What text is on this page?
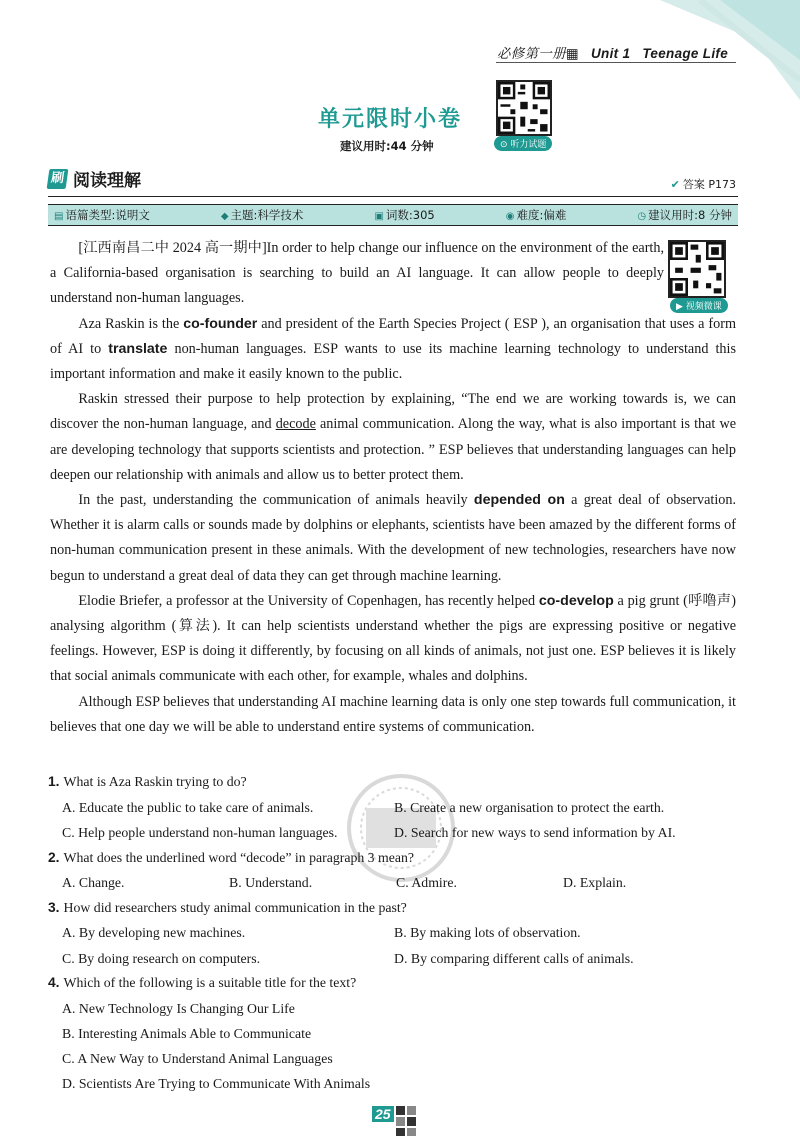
必修第一册▦ Unit 1 Teenage Life
单元限时小卷
⊙ 听力试题
建议用时:44 分钟
刷 阅读理解	✔ 答案 P173
▤ 语篇类型:说明文	◆ 主题:科学技术	▣ 词数:305	◉ 难度:偏难	◷ 建议用时:8 分钟
▶ 视频微课

[江西南昌二中 2024 高一期中]In order to help change our influence on the environment of the earth, a California-based organisation is searching to build an AI language. It can allow people to deeply understand non-human languages.

Aza Raskin is the co-founder and president of the Earth Species Project ( ESP ), an organisation that uses a form of AI to translate non-human languages. ESP wants to use its machine learning technology to understand this important information and make it easily known to the public.

Raskin stressed their purpose to help protection by explaining, “The end we are working towards is, we can discover the non-human language, and decode animal communication. Along the way, what is also important is that we are developing technology that supports scientists and protection. ” ESP believes that understanding languages can help deepen our relationship with animals and allow us to better protect them.

In the past, understanding the communication of animals heavily depended on a great deal of observation. Whether it is alarm calls or sounds made by dolphins or elephants, scientists have been amazed by the different forms of non-human communication present in these animals. With the development of new technologies, researchers have now begun to understand a great deal of data they can get through machine learning.

Elodie Briefer, a professor at the University of Copenhagen, has recently helped co-develop a pig grunt (呼噜声) analysing algorithm (算法). It can help scientists understand whether the pigs are expressing positive or negative feelings. However, ESP is doing it differently, by focusing on all kinds of animals, not just one. ESP believes it is likely that social animals communicate with each other, for example, whales and dolphins.

Although ESP believes that understanding AI machine learning data is only one step towards full communication, it believes that one day we will be able to understand entire systems of communication.

1. What is Aza Raskin trying to do?
A. Educate the public to take care of animals.	B. Create a new organisation to protect the earth.
C. Help people understand non-human languages.	D. Search for new ways to send information by AI.
2. What does the underlined word “decode” in paragraph 3 mean?
A. Change.	B. Understand.	C. Admire.	D. Explain.
3. How did researchers study animal communication in the past?
A. By developing new machines.	B. By making lots of observation.
C. By doing research on computers.	D. By comparing different calls of animals.
4. Which of the following is a suitable title for the text?
A. New Technology Is Changing Our Life
B. Interesting Animals Able to Communicate
C. A New Way to Understand Animal Languages
D. Scientists Are Trying to Communicate With Animals
25
